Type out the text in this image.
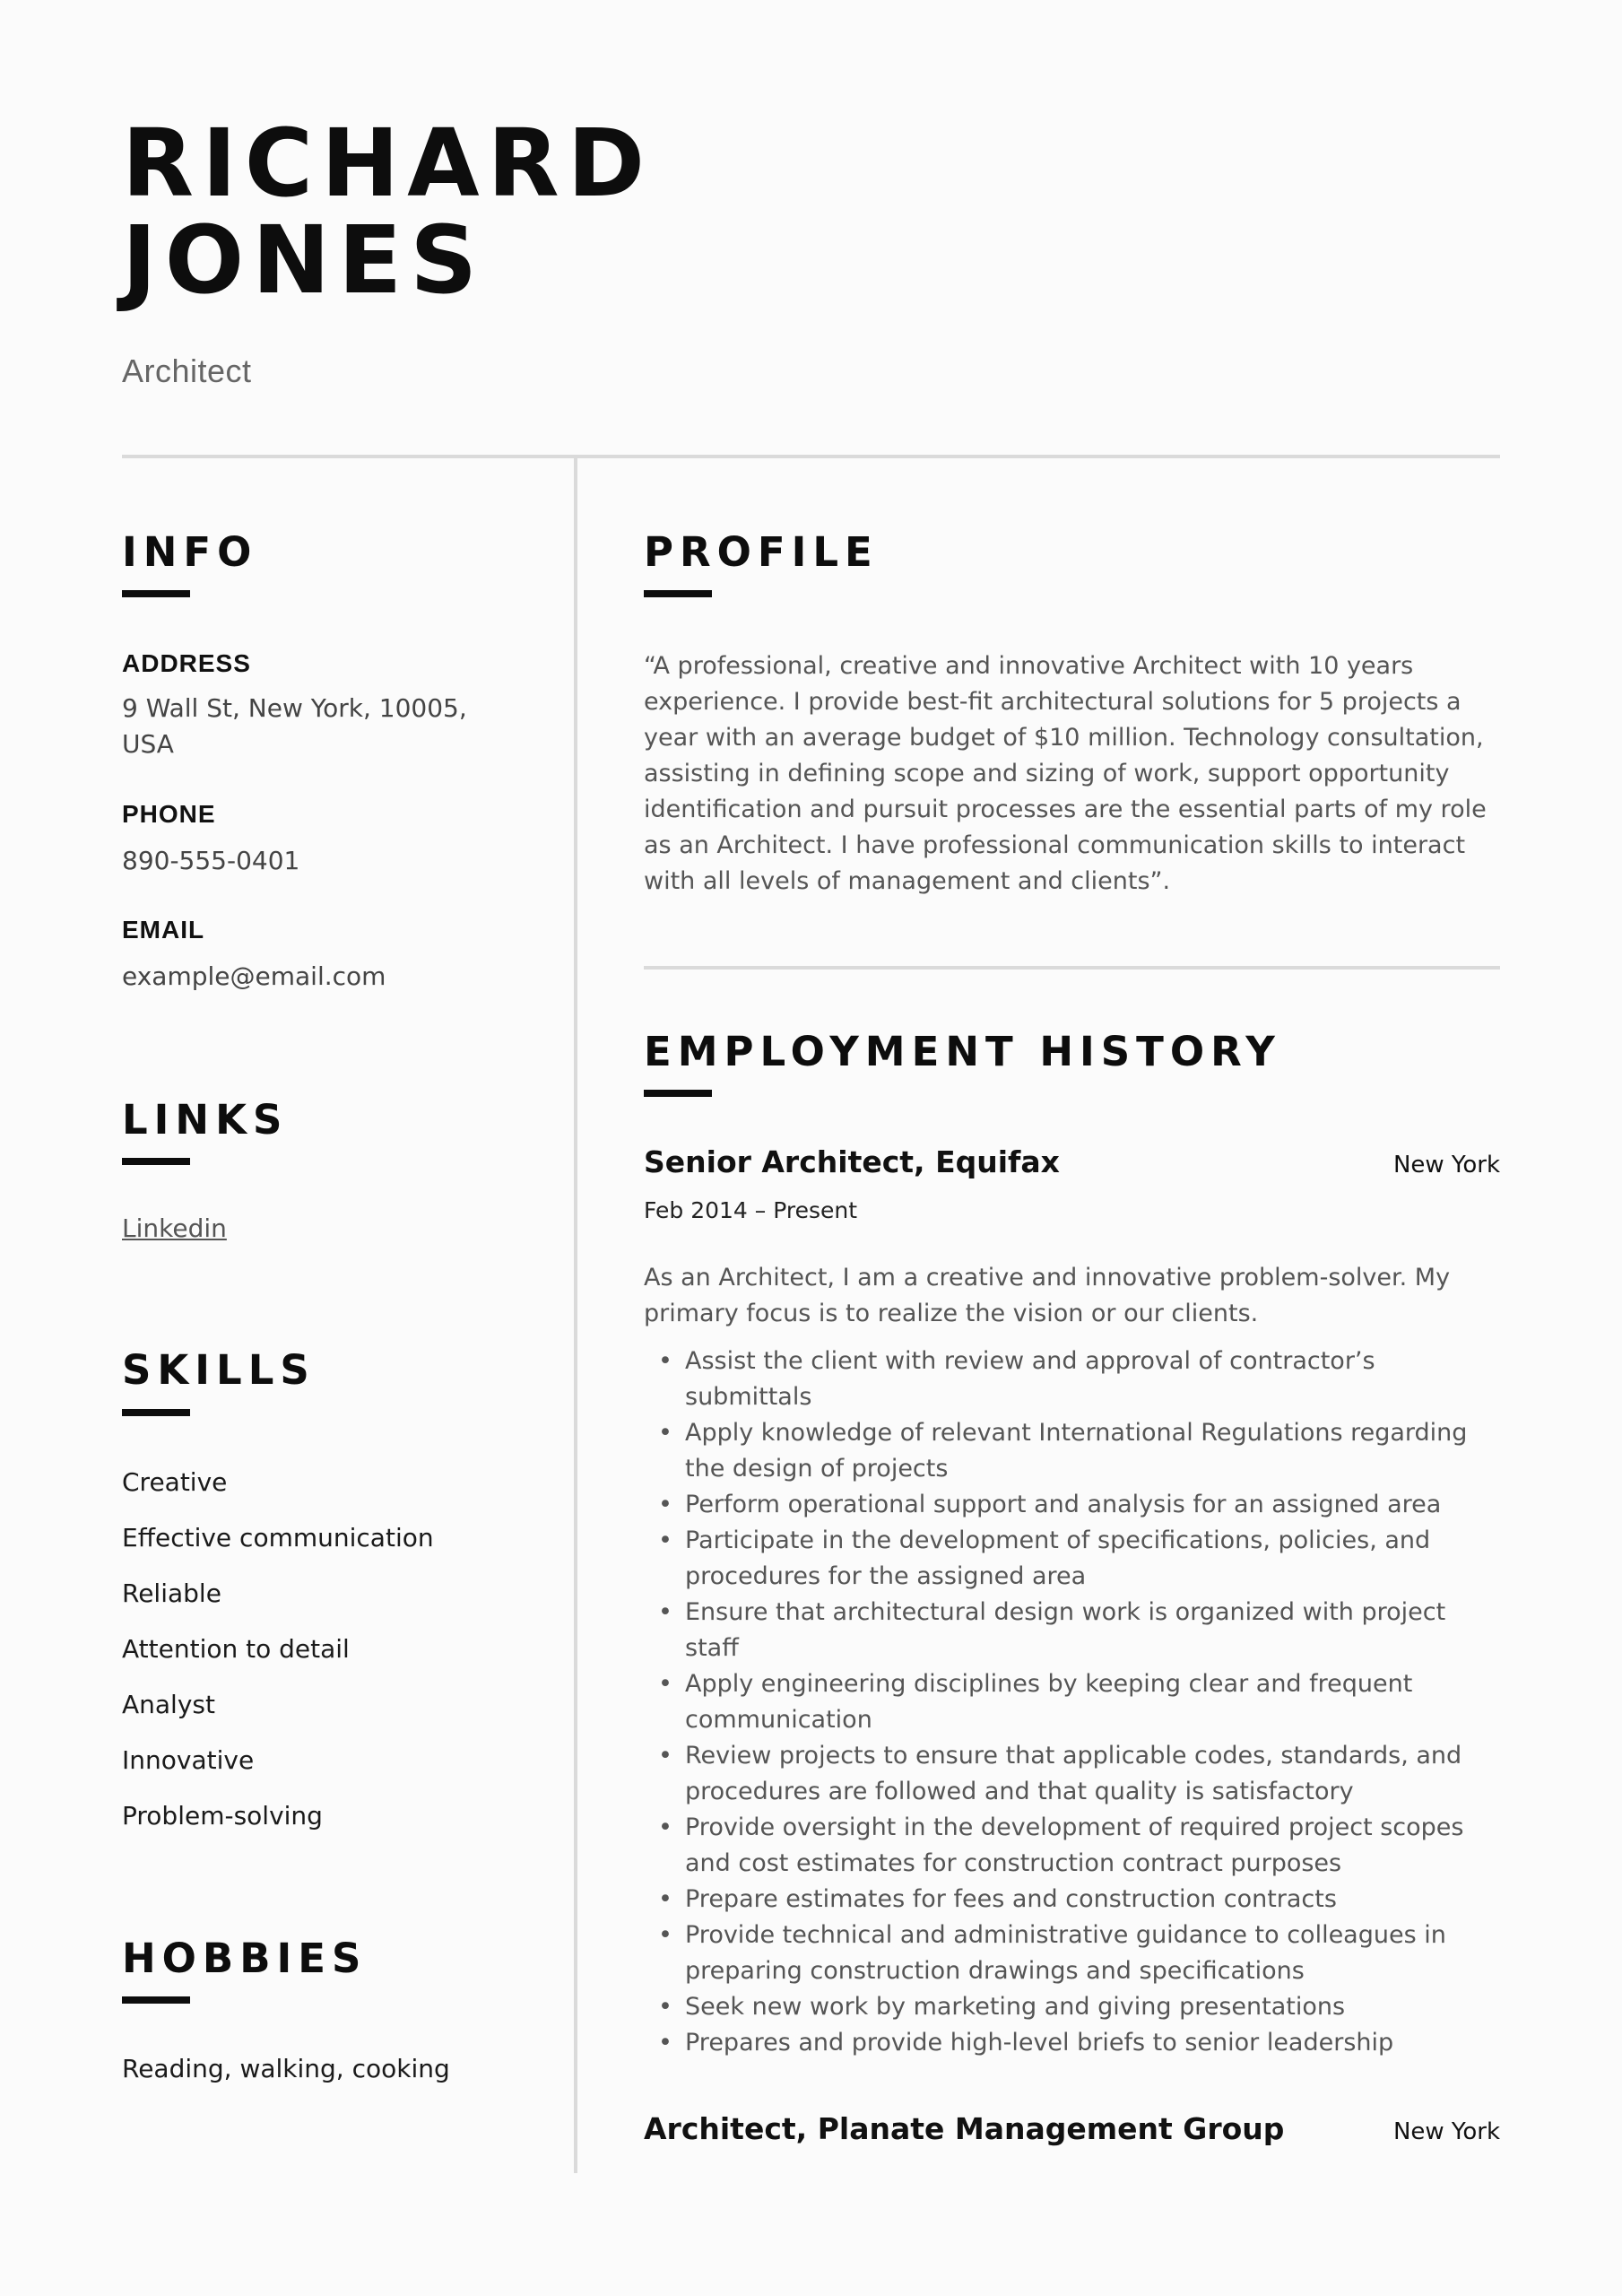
RICHARD
JONES
Architect
INFO
ADDRESS
9 Wall St, New York, 10005, USA
PHONE
890-555-0401
EMAIL
example@email.com
LINKS
Linkedin
SKILLS
Creative
Effective communication
Reliable
Attention to detail
Analyst
Innovative
Problem-solving
HOBBIES
Reading, walking, cooking
PROFILE

“A professional, creative and innovative Architect with 10 years experience. I provide best-fit architectural solutions for 5 projects a year with an average budget of $10 million. Technology consultation, assisting in defining scope and sizing of work, support opportunity identification and pursuit processes are the essential parts of my role as an Architect. I have professional communication skills to interact with all levels of management and clients”.

EMPLOYMENT HISTORY
Senior Architect, Equifax	New York
Feb 2014 – Present

As an Architect, I am a creative and innovative problem-solver. My primary focus is to realize the vision or our clients.

• Assist the client with review and approval of contractor’s submittals
• Apply knowledge of relevant International Regulations regarding the design of projects
• Perform operational support and analysis for an assigned area
• Participate in the development of specifications, policies, and procedures for the assigned area
• Ensure that architectural design work is organized with project staff
• Apply engineering disciplines by keeping clear and frequent communication
• Review projects to ensure that applicable codes, standards, and procedures are followed and that quality is satisfactory
• Provide oversight in the development of required project scopes and cost estimates for construction contract purposes
• Prepare estimates for fees and construction contracts
• Provide technical and administrative guidance to colleagues in preparing construction drawings and specifications
• Seek new work by marketing and giving presentations
• Prepares and provide high-level briefs to senior leadership
Architect, Planate Management Group	New York
